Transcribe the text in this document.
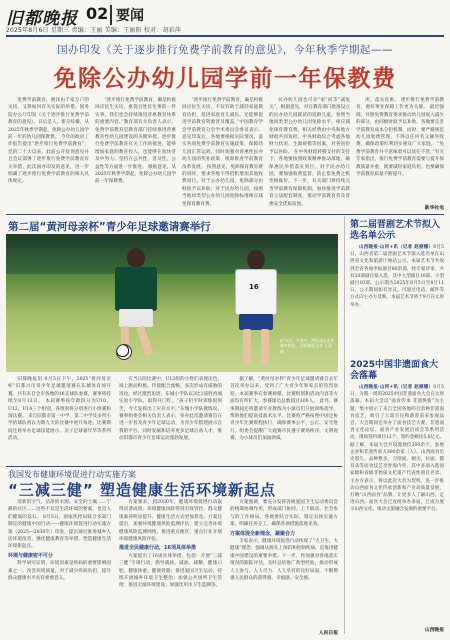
旧都晚报 02 要闻
2025年8月6日 星期三 责编：王丽 美编：王丽阳 校对：胡彩萍
国办印发《关于逐步推行免费学前教育的意见》，今年秋季学期起——
免除公办幼儿园学前一年保教费

免费学前教育，惠泽由千家万户的关切。又将如何有关实际的举措。国务院办公厅印发《关于逐步推行免费学前教育的意见》，日后是人，新京综播，从2025年秋季学期起，免除公办幼儿园学前一年的幼儿园保教费。 今年的政府工作报告提出“逐步推行免费学前教育”，党的二十大以来，此前公开征询意见并且会议部署了逐步推行免费学前教育有关举措，此次国办印发的意见，进一步明确了逐步推行免费学前教育的相关具体规定。

“逐步推行免费学前教育，确是积极回应民生关切，惠促百姓民生事的一件实事，我们也会持续推进普惠教育体系的重要内容。”教育部有关负责人表示，免费学前教育是教育部门持续推进普惠教育性幼儿园建设的关键举措。逐步推行免费学前教育有关工作的推进，能够增加家庭的教育投入，也能够在加快普及中努力。坚持在公共性、普及性、公益性等方面进一步推进。 根据意见，从2025年秋季学期起，免除公办幼儿园学前一年保教费。

“逐步推行免费学前教育，确是积极回应民生关切，不仅有助于减轻家庭教育负担，促进家庭育儿减负，还能够促进学前教育资源普及覆盖，”中国教育学会学前教育分会学术委员会委员表示。意见印发后，各地要根据实际情况，落实各项免费学前教育实施政策，保障幼儿园正常运转。同时加强对普惠性民办幼儿园的奖补政策，统筹推进学前教育改革发展。 按照意见，免除保育教育费的同时，要求各地不得借机增加其他收费项目。对于公办幼儿园，免除部分由财政予以补助；对于民办幼儿园，按照当地同类型公办幼儿园免除标准相应减免保育教育费。

民办幼儿园也可享“家”同等“减免关”，根据意见，对在教育部门批准设立的民办幼儿园就读的适龄儿童，参照当地同类型公办幼儿园免除水平，相应减免保育教育费。相关经费由中央和地方财政共同负担，中央财政综合考虑各地财力状况、生源规模等因素，对各省份予以补助。 在中央财政转移支付的支持下，各地要按照政策精神推动落地，确保惠民举措落实到位。对于民办幼儿园，要加强收费监管，防止借免费之机变相涨价。下一步，有关部门将持续完善学前教育保障机制，加快推进学前教育立法配套制度，推动学前教育普及普惠安全优质发展。

所，落实优惠。 逐步推行免费学前教育，惠好事业保障工作更为关键。 最近强调，对照免费教育要求推动幼儿园收入减少的部分，由同级财政予以补助，各地要完善学前教育成本分担机制，同时，要严格规范幼儿园收费管理，不得以任何名义额外收费，确保政策红利切实惠及广大家庭。 “免费学前教育并不意味着可以放任不管，”有关专家指出，推行免费学前教育需要与提升保教质量并重，既要减轻家庭负担，也要确保学前教育质量不断提升。

新华社电
第二届“黄河母亲杯”青少年足球邀请赛举行
16
8月5日，比赛中，两队球员在比赛中拼抢。 旧都晚报记者 王萍 摄

旧都晚报讯 8月5日下午，2025“黄河母亲杯”旧都兴市青少年足球邀请赛在东城体育场开赛。共有来自全市各地的16支球队参赛，赛事将持续至8月13日。 本届赛事按年龄段分为U10、U12、U14三个组别，各组别将分别进行小组赛和淘汰赛。 来自旧都市第一中学、第二中学及多所小学的球队将在为期九天的比赛中展开角逐。比赛期间还将举办足球技能展示、亲子足球嘉年华等系列活动。

在当日的比赛中，U12组的小将们表现出色，场上跑动积极、传接配合流畅，多次形成有威胁的进攻。经过激烈角逐，东城小学队以3比1战胜西城实验小学队，取得开门红。“孩子们平时训练很刻苦，今天发挥出了应有水平。”东城小学队教练说。赛事组委会相关负责人表示，举办此次邀请赛旨在进一步普及青少年足球运动，为青少年搭建展示自我的平台，同时发掘和培养更多足球后备人才，推动旧都市青少年足球运动蓬勃发展。

据了解，“黄河母亲杯”青少年足球邀请赛自去年首次举办以来，受到了广大青少年和家长的热烈欢迎。本届赛事在参赛规模、比赛组别和活动内容等方面均有所扩大，参赛球员总数超过300人。 此外，赛事期间还将邀请专业教练为小球员们开展训练指导，帮助他们提高技战术水平。比赛将严格按照中国足协青少年比赛规程执行，确保赛事公平、公正、安全进行。组委会提醒广大观赛市民遵守赛场秩序，文明观赛，为小球员们加油助威。

第二届晋剧艺术节拟入选名单公示

山西晚报·山河+讯（记者 赵丽娜）8月5日，山西省第二届晋剧艺术节拟入选名单在山西省文化和旅游厅网站公示。本届艺术节共收到全省各地申报剧目60余部，经专家评审，共有20部剧目拟入选，其中大型剧目10部、小型剧目10部。公示期为2025年8月5日至8月11日，公示期间如有异议，可通过电话、邮件等方式向主办方反映。本届艺术节将于9月在太原举办。

2025中国非遗面食大会落幕

山西晚报·山河+讯（记者 赵丽娜）8月5日，为期一周的2025中国非遗面食大会在太原落幕。本届大会以“面食传承 非遗焕新”为主题，集中展示了来自全国各地的百余种非遗面食技艺，吸引了大量市民和游客前来参观品尝。大会期间还举办了面食技艺大赛、非遗面食文化论坛、面食产业发展洽谈会等系列活动，现场签约项目12个，签约金额达5.6亿元。 据了解，本届大会共设置展位200余个，参展企业和非遗传承人300余家（人）。山西面食历史悠久、品种繁多，刀削面、剔尖、拉面、猫耳朵等面食技艺享誉海内外，其中多项入选国家级和省级非物质文化遗产代表性项目名录。主办方表示，将以此次大会为契机，进一步推动山西面食文化传承创新和产业高质量发展，打响“山西面食”品牌，让更多人了解山西、走进山西。面食大会已连续举办多届，已成为展示山西文化、推动文旅融合发展的重要平台。

山西晚报
我国发布健康环境促进行动实施方案
“三减三健” 塑造健康生活环境新起点

清新的空气、洁净的水源、安全的土壤……宁静的社区……这些不仅是生活环境的要素，也是人们健康的基石。 8月5日，国家疾控局联合多部门制定的健康中国行动——健康环境促进行动实施方案（2025—2030年）印发，提出通过推进城乡人居环境改善、强化健康教育等举措，塑造健康生活环境新起点。

环境与健康密不可分

科学研究证明，环境因素是疾病的重要影响因素之一。改善环境质量，对于减少疾病负担、提升群众健康水平具有重要意义。

方案要求，到2030年，健康环境促进行动取得显著成效，环境健康风险得到有效管控，群众健康素养明显提升，健康生活方式更加普及。方案还提出，加强环境健康风险监测评估，建立完善环境健康风险监测网络，推进重点地区、重点行业开展环境健康风险评估。

推进全民健康行动，16项具体举措

方案提出了16项具体举措，包括：开展“三减三健”专项行动，倡导减盐、减油、减糖，健康口腔、健康体重、健康骨骼；推进爱国卫生运动，持续开展城乡环境卫生整治；加强公共场所卫生管理；推进无烟环境建设；加强饮用水卫生监测等。

方案强调，要充分发挥各级爱国卫生运动委员会的统筹协调作用，形成部门协同、上下联动、社会参与的工作格局。各地要结合实际，制定具体实施方案，明确任务分工，确保各项措施落地见效。

方案体现全新理念，凝聚合力

专家表示，健康环境促进行动体现了“大卫生、大健康”理念，强调从源头上预防和控制疾病，是推进健康中国建设的重要举措。下一步，将加强对各地落实情况的跟踪评估，及时总结推广典型经验，推动形成人人参与、人人尽力、人人享有的良好局面，不断增强人民群众的获得感、幸福感、安全感。

人民日报
